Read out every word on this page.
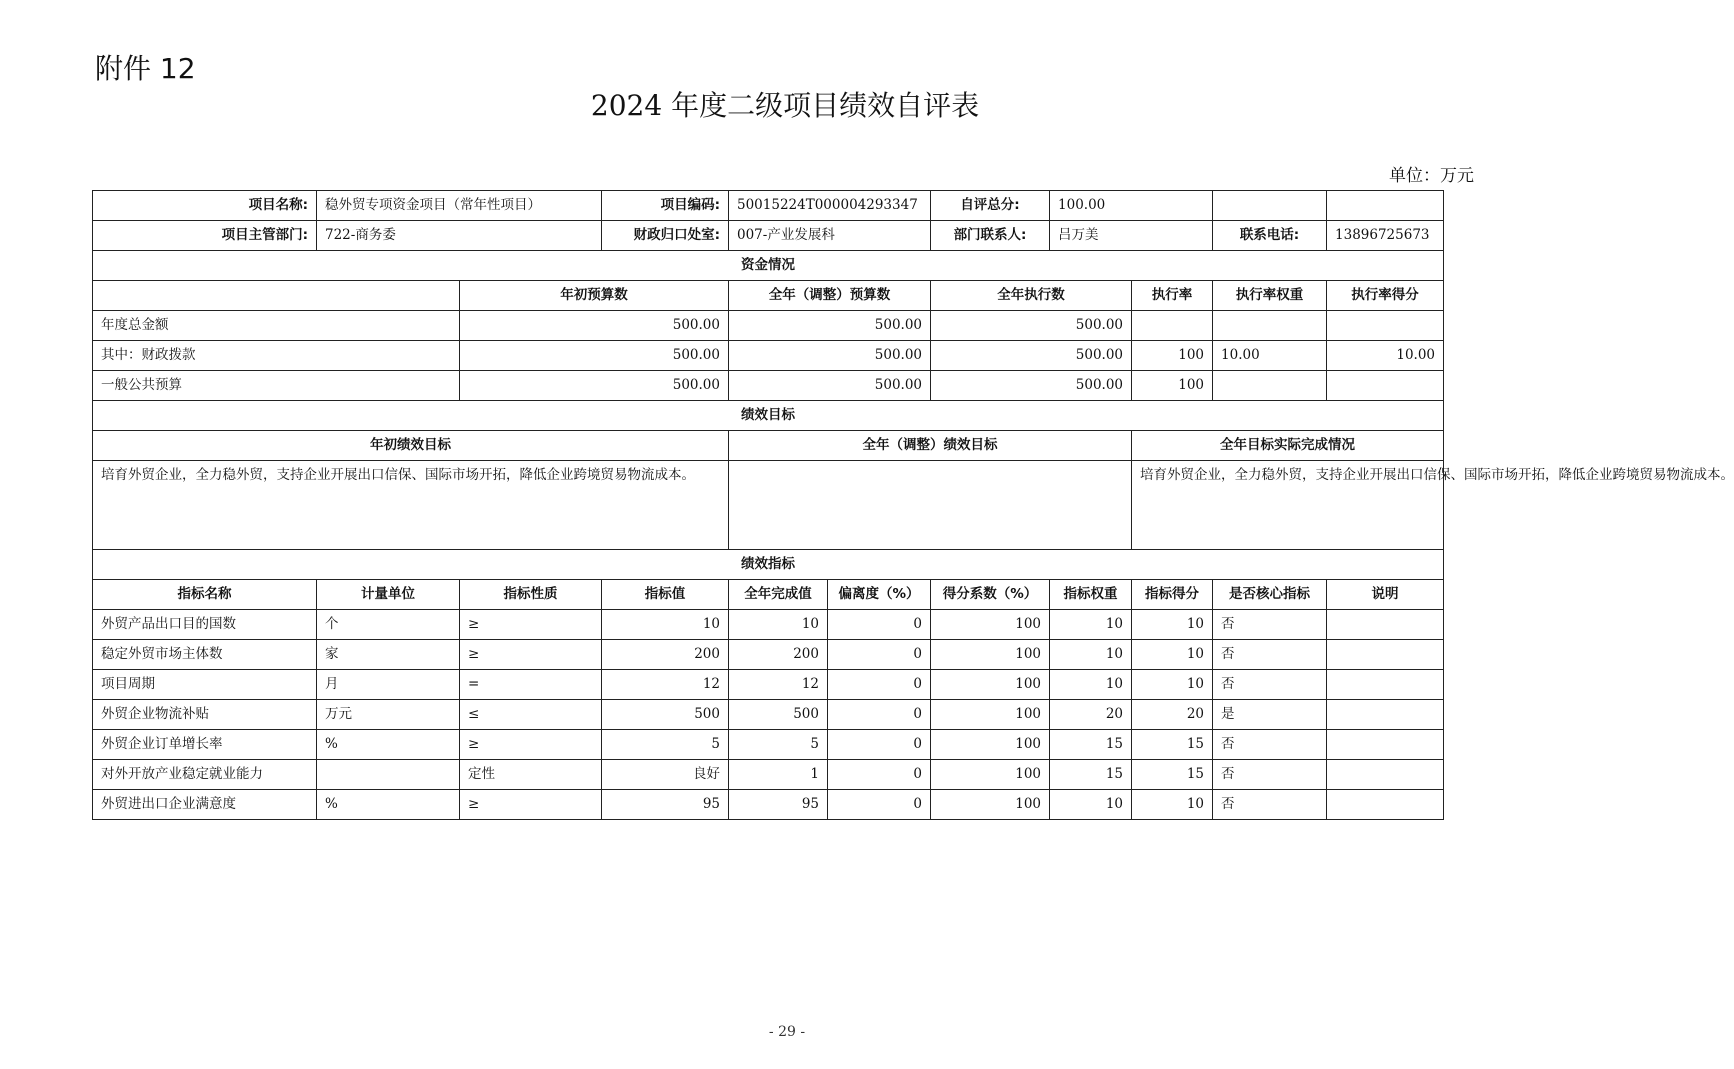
附件 12
2024 年度二级项目绩效自评表
单位：万元
项目名称:	稳外贸专项资金项目（常年性项目）		项目编码:	50015224T000004293347		自评总分:	100.00			
项目主管部门:	722-商务委		财政归口处室:	007-产业发展科		部门联系人:	吕万美		联系电话:	13896725673
资金情况										
		年初预算数		全年（调整）预算数		全年执行数		执行率	执行率权重	执行率得分
年度总金额		500.00		500.00		500.00				
其中：财政拨款		500.00		500.00		500.00		100	10.00	10.00
一般公共预算		500.00		500.00		500.00		100		
绩效目标										
年初绩效目标				全年（调整）绩效目标				全年目标实际完成情况		
培育外贸企业，全力稳外贸，支持企业开展出口信保、国际市场开拓，降低企业跨境贸易物流成本。								培育外贸企业，全力稳外贸，支持企业开展出口信保、国际市场开拓，降低企业跨境贸易物流成本。		
绩效指标										
指标名称	计量单位	指标性质	指标值	全年完成值	偏离度（%）	得分系数（%）	指标权重	指标得分	是否核心指标	说明
外贸产品出口目的国数	个	≥	10	10	0	100	10	10	否	
稳定外贸市场主体数	家	≥	200	200	0	100	10	10	否	
项目周期	月	=	12	12	0	100	10	10	否	
外贸企业物流补贴	万元	≤	500	500	0	100	20	20	是	
外贸企业订单增长率	%	≥	5	5	0	100	15	15	否	
对外开放产业稳定就业能力		定性	良好	1	0	100	15	15	否	
外贸进出口企业满意度	%	≥	95	95	0	100	10	10	否	
- 29 -
